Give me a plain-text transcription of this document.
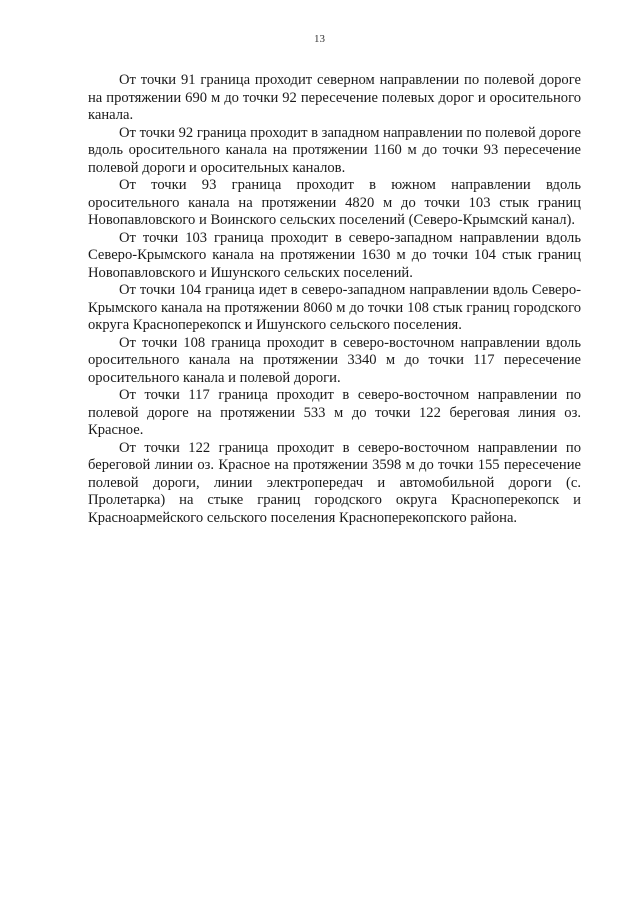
13

От точки 91 граница проходит северном направлении по полевой дороге на протяжении 690 м до точки 92 пересечение полевых дорог и оросительного канала.

От точки 92 граница проходит в западном направлении по полевой дороге вдоль оросительного канала на протяжении 1160 м до точки 93 пересечение полевой дороги и оросительных каналов.

От точки 93 граница проходит в южном направлении вдоль оросительного канала на протяжении 4820 м до точки 103 стык границ Новопавловского и Воинского сельских поселений (Северо-Крымский канал).

От точки 103 граница проходит в северо-западном направлении вдоль Северо-Крымского канала на протяжении 1630 м до точки 104 стык границ Новопавловского и Ишунского сельских поселений.

От точки 104 граница идет в северо-западном направлении вдоль Северо-Крымского канала на протяжении 8060 м до точки 108 стык границ городского округа Красноперекопск и Ишунского сельского поселения.

От точки 108 граница проходит в северо-восточном направлении вдоль оросительного канала на протяжении 3340 м до точки 117 пересечение оросительного канала и полевой дороги.

От точки 117 граница проходит в северо-восточном направлении по полевой дороге на протяжении 533 м до точки 122 береговая линия оз. Красное.

От точки 122 граница проходит в северо-восточном направлении по береговой линии оз. Красное на протяжении 3598 м до точки 155 пересечение полевой дороги, линии электропередач и автомобильной дороги (с. Пролетарка) на стыке границ городского округа Красноперекопск и Красноармейского сельского поселения Красноперекопского района.
